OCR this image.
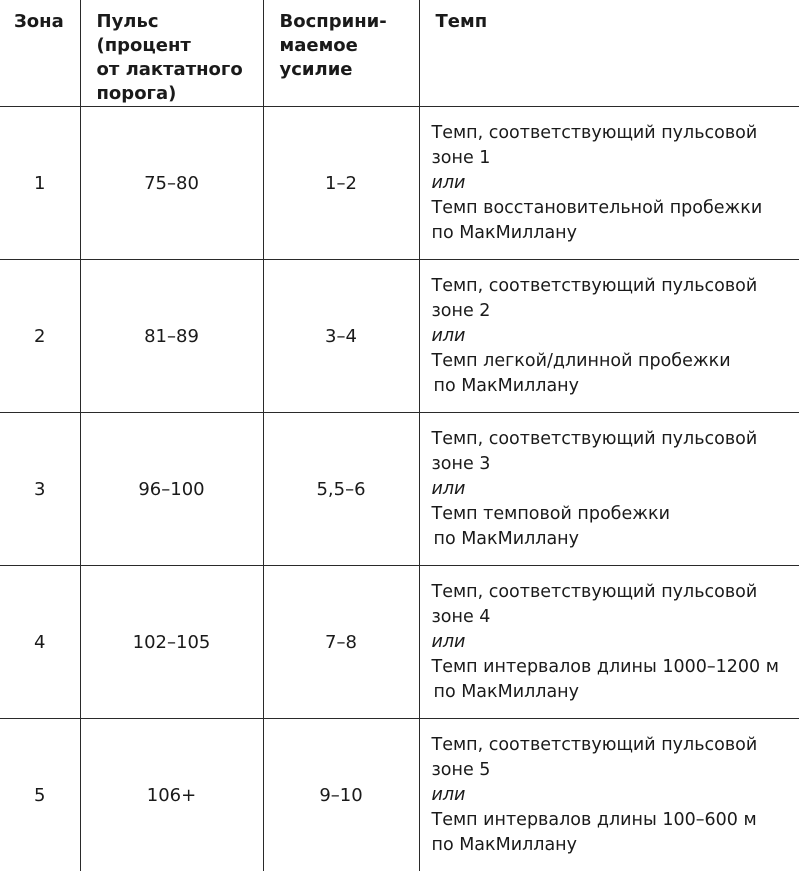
Зона	Пульс (процент
от лактатного
порога)	Восприни-
маемое
усилие	Темп
1	75–80	1–2	Темп, соответствующий пульсовой
зоне 1
или
Темп восстановительной пробежки
по МакМиллану

2	81–89	3–4	Темп, соответствующий пульсовой
зоне 2
или
Темп легкой/длинной пробежки
по МакМиллану

3	96–100	5,5–6	Темп, соответствующий пульсовой
зоне 3
или
Темп темповой пробежки
по МакМиллану

4	102–105	7–8	Темп, соответствующий пульсовой
зоне 4
или
Темп интервалов длины 1000–1200 м
по МакМиллану

5	106+	9–10	Темп, соответствующий пульсовой
зоне 5
или
Темп интервалов длины 100–600 м
по МакМиллану
